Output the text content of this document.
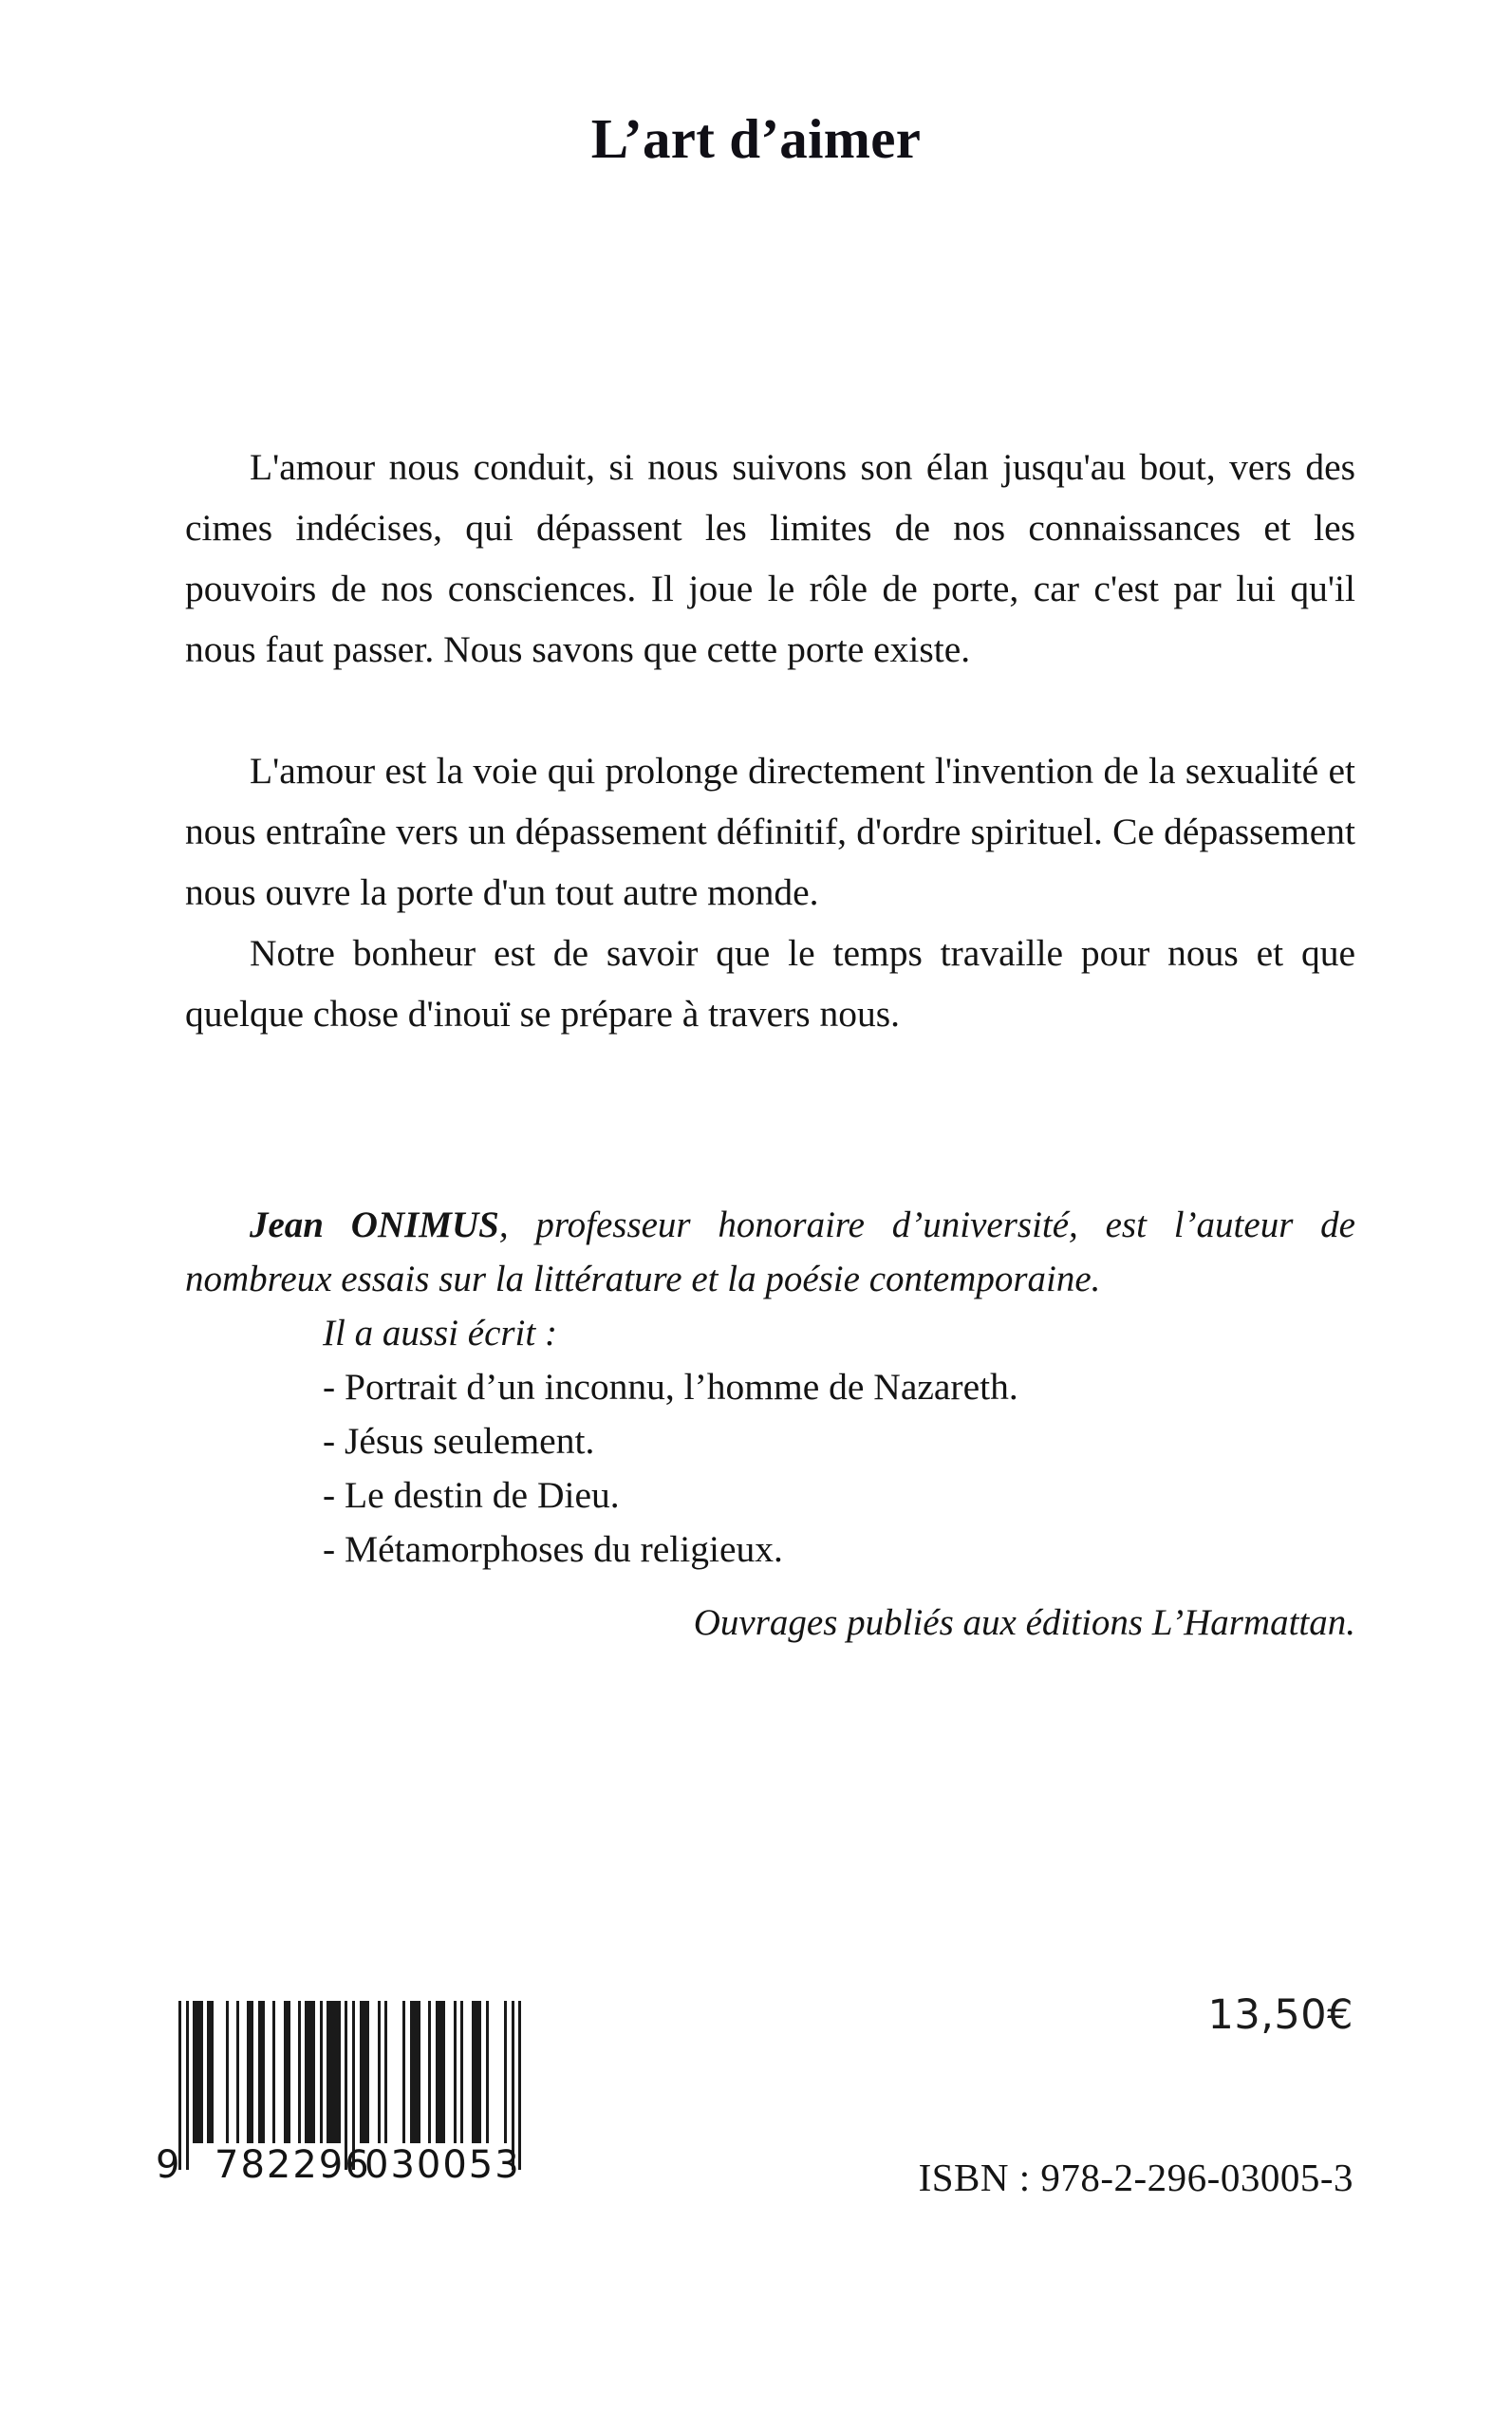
L’art d’aimer

L'amour nous conduit, si nous suivons son élan jusqu'au bout, vers des cimes indécises, qui dépassent les limites de nos connaissances et les pouvoirs de nos consciences. Il joue le rôle de porte, car c'est par lui qu'il nous faut passer. Nous savons que cette porte existe.

L'amour est la voie qui prolonge directement l'invention de la sexualité et nous entraîne vers un dépassement définitif, d'ordre spirituel. Ce dépassement nous ouvre la porte d'un tout autre monde.

Notre bonheur est de savoir que le temps travaille pour nous et que quelque chose d'inouï se prépare à travers nous.

Jean ONIMUS, professeur honoraire d’université, est l’auteur de nombreux essais sur la littérature et la poésie contemporaine.

Il a aussi écrit :

- Portrait d’un inconnu, l’homme de Nazareth.
- Jésus seulement.
- Le destin de Dieu.
- Métamorphoses du religieux.

Ouvrages publiés aux éditions L’Harmattan.

9 782296
030053
13,50€
ISBN : 978-2-296-03005-3
